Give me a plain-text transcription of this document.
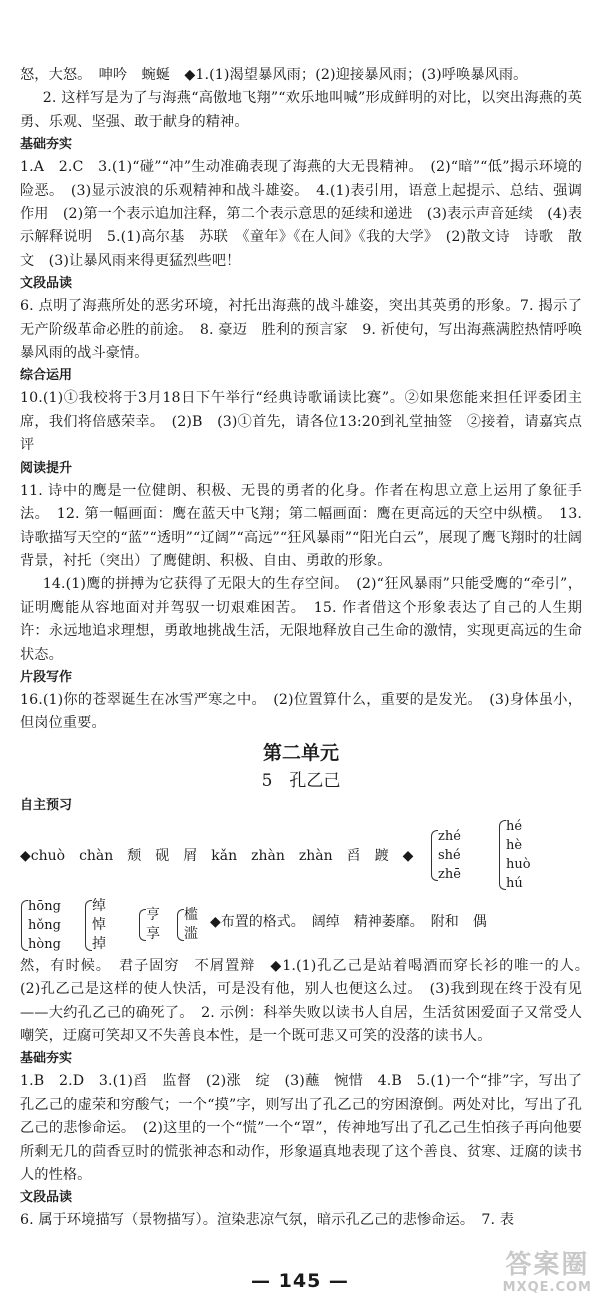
怒，大怒。　呻吟　蜿蜒　◆1.(1)渴望暴风雨；(2)迎接暴风雨；(3)呼唤暴风雨。

2. 这样写是为了与海燕“高傲地飞翔”“欢乐地叫喊”形成鲜明的对比，以突出海燕的英勇、乐观、坚强、敢于献身的精神。

基础夯实

1.A　2.C　3.(1)“碰”“冲”生动准确表现了海燕的大无畏精神。　(2)“暗”“低”揭示环境的险恶。　(3)显示波浪的乐观精神和战斗雄姿。　4.(1)表引用，语意上起提示、总结、强调作用　(2)第一个表示追加注释，第二个表示意思的延续和递进　(3)表示声音延续　(4)表示解释说明　5.(1)高尔基　苏联　《童年》《在人间》《我的大学》　(2)散文诗　诗歌　散文　(3)让暴风雨来得更猛烈些吧！

文段品读

6. 点明了海燕所处的恶劣环境，衬托出海燕的战斗雄姿，突出其英勇的形象。7. 揭示了无产阶级革命必胜的前途。　8. 豪迈　胜利的预言家　9. 祈使句，写出海燕满腔热情呼唤暴风雨的战斗豪情。

综合运用

10.(1)①我校将于3月18日下午举行“经典诗歌诵读比赛”。②如果您能来担任评委团主席，我们将倍感荣幸。　(2)B　(3)①首先，请各位13:20到礼堂抽签　②接着，请嘉宾点评

阅读提升

11. 诗中的鹰是一位健朗、积极、无畏的勇者的化身。作者在构思立意上运用了象征手法。　12. 第一幅画面：鹰在蓝天中飞翔；第二幅画面：鹰在更高远的天空中纵横。　13. 诗歌描写天空的“蓝”“透明”“辽阔”“高远”“狂风暴雨”“阳光白云”，展现了鹰飞翔时的壮阔背景，衬托（突出）了鹰健朗、积极、自由、勇敢的形象。

14.(1)鹰的拼搏为它获得了无限大的生存空间。　(2)“狂风暴雨”只能受鹰的“牵引”，证明鹰能从容地面对并驾驭一切艰难困苦。　15. 作者借这个形象表达了自己的人生期许：永远地追求理想，勇敢地挑战生活，无限地释放自己生命的激情，实现更高远的生命状态。

片段写作

16.(1)你的苍翠诞生在冰雪严寒之中。　(2)位置算什么，重要的是发光。　(3)身体虽小，但岗位重要。

第二单元
5　孔乙己

自主预习

◆chuò　chàn　颓　砚　屑　kǎn　zhàn　zhàn　舀　踱　◆
zhé
shé
zhē
hé
hè
huò
hú
hōng
hǒng
hòng
绰
悼
掉
亨
享
槛
滥
◆布置的格式。　阔绰　精神萎靡。　附和　偶

然，有时候。　君子固穷　不屑置辩　◆1.(1)孔乙己是站着喝酒而穿长衫的唯一的人。　(2)孔乙己是这样的使人快活，可是没有他，别人也便这么过。　(3)我到现在终于没有见——大约孔乙己的确死了。　2. 示例：科举失败以读书人自居，生活贫困爱面子又常受人嘲笑，迂腐可笑却又不失善良本性，是一个既可悲又可笑的没落的读书人。

基础夯实

1.B　2.D　3.(1)舀　监督　(2)涨　绽　(3)蘸　惋惜　4.B　5.(1)一个“排”字，写出了孔乙己的虚荣和穷酸气；一个“摸”字，则写出了孔乙己的穷困潦倒。两处对比，写出了孔乙己的悲惨命运。　(2)这里的一个“慌”一个“罩”，传神地写出了孔乙己生怕孩子再向他要所剩无几的茴香豆时的慌张神态和动作，形象逼真地表现了这个善良、贫寒、迂腐的读书人的性格。

文段品读

6. 属于环境描写（景物描写）。渲染悲凉气氛，暗示孔乙己的悲惨命运。　7. 表

— 145 —
答案圈
MXQE.COM
